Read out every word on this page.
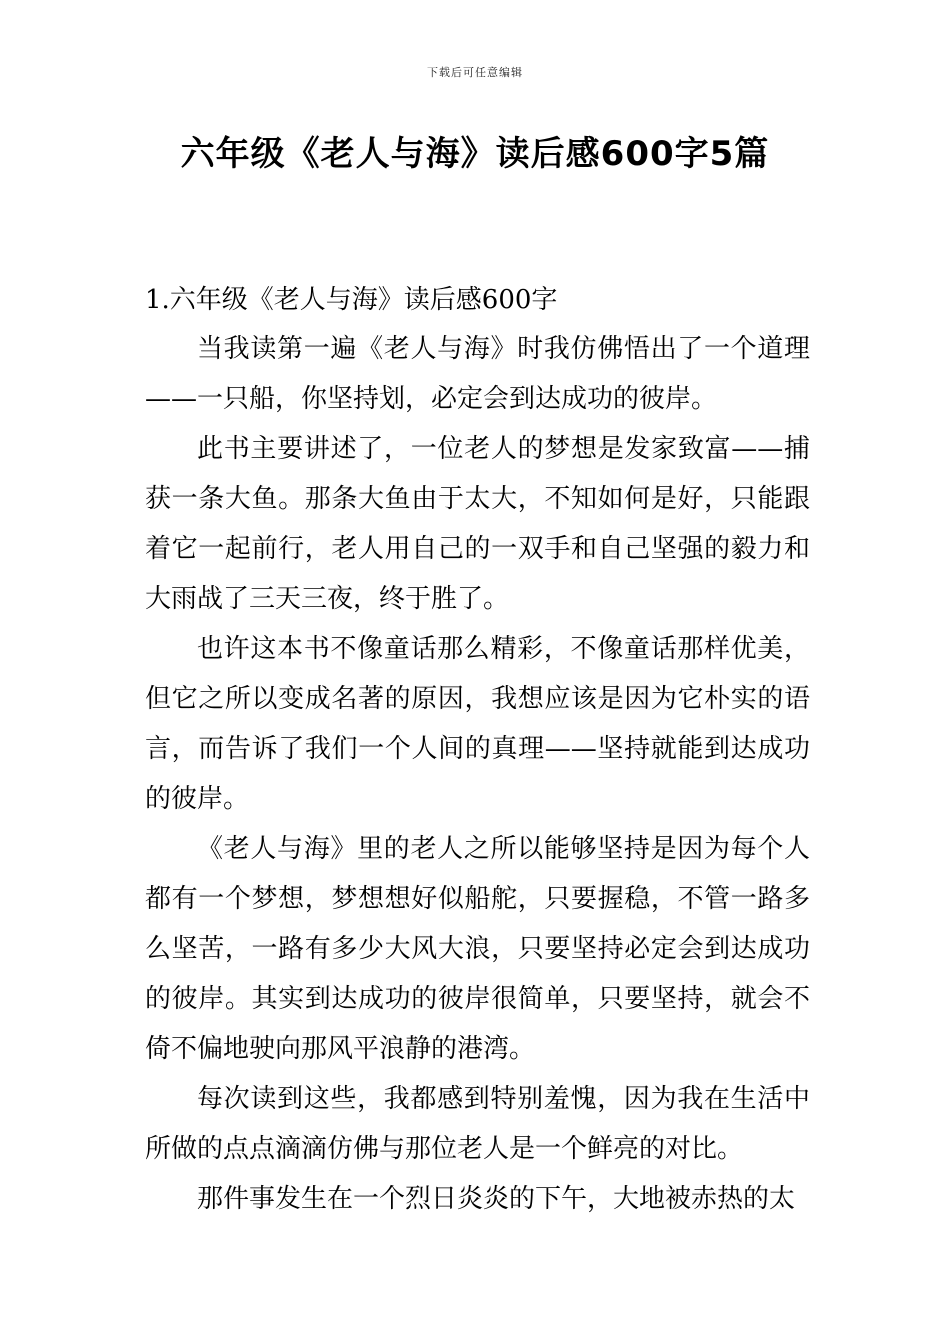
下载后可任意编辑
六年级《老人与海》读后感600字5篇

1.六年级《老人与海》读后感600字

当我读第一遍《老人与海》时我仿佛悟出了一个道理——一只船，你坚持划，必定会到达成功的彼岸。

此书主要讲述了，一位老人的梦想是发家致富——捕获一条大鱼。那条大鱼由于太大，不知如何是好，只能跟着它一起前行，老人用自己的一双手和自己坚强的毅力和大雨战了三天三夜，终于胜了。

也许这本书不像童话那么精彩，不像童话那样优美，但它之所以变成名著的原因，我想应该是因为它朴实的语言，而告诉了我们一个人间的真理——坚持就能到达成功的彼岸。

《老人与海》里的老人之所以能够坚持是因为每个人都有一个梦想，梦想想好似船舵，只要握稳，不管一路多么坚苦，一路有多少大风大浪，只要坚持必定会到达成功的彼岸。其实到达成功的彼岸很简单，只要坚持，就会不倚不偏地驶向那风平浪静的港湾。

每次读到这些，我都感到特别羞愧，因为我在生活中所做的点点滴滴仿佛与那位老人是一个鲜亮的对比。

那件事发生在一个烈日炎炎的下午，大地被赤热的太
